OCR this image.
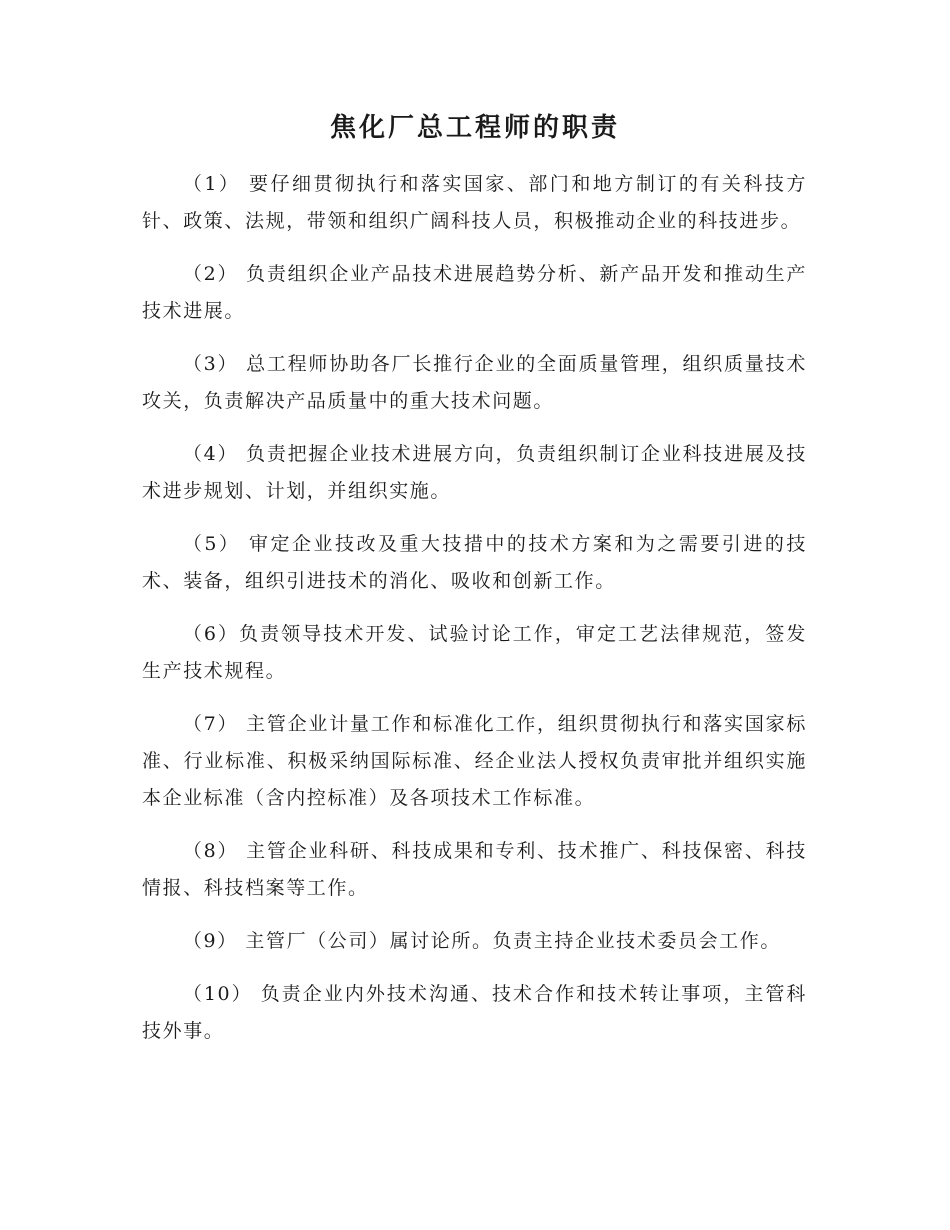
焦化厂总工程师的职责

（1） 要仔细贯彻执行和落实国家、部门和地方制订的有关科技方针、政策、法规，带领和组织广阔科技人员，积极推动企业的科技进步。

（2） 负责组织企业产品技术进展趋势分析、新产品开发和推动生产技术进展。

（3） 总工程师协助各厂长推行企业的全面质量管理，组织质量技术攻关，负责解决产品质量中的重大技术问题。

（4） 负责把握企业技术进展方向，负责组织制订企业科技进展及技术进步规划、计划，并组织实施。

（5） 审定企业技改及重大技措中的技术方案和为之需要引进的技术、装备，组织引进技术的消化、吸收和创新工作。

（6）负责领导技术开发、试验讨论工作，审定工艺法律规范，签发生产技术规程。

（7） 主管企业计量工作和标准化工作，组织贯彻执行和落实国家标准、行业标准、积极采纳国际标准、经企业法人授权负责审批并组织实施本企业标准（含内控标准）及各项技术工作标准。

（8） 主管企业科研、科技成果和专利、技术推广、科技保密、科技情报、科技档案等工作。

（9） 主管厂（公司）属讨论所。负责主持企业技术委员会工作。

（10） 负责企业内外技术沟通、技术合作和技术转让事项，主管科技外事。
